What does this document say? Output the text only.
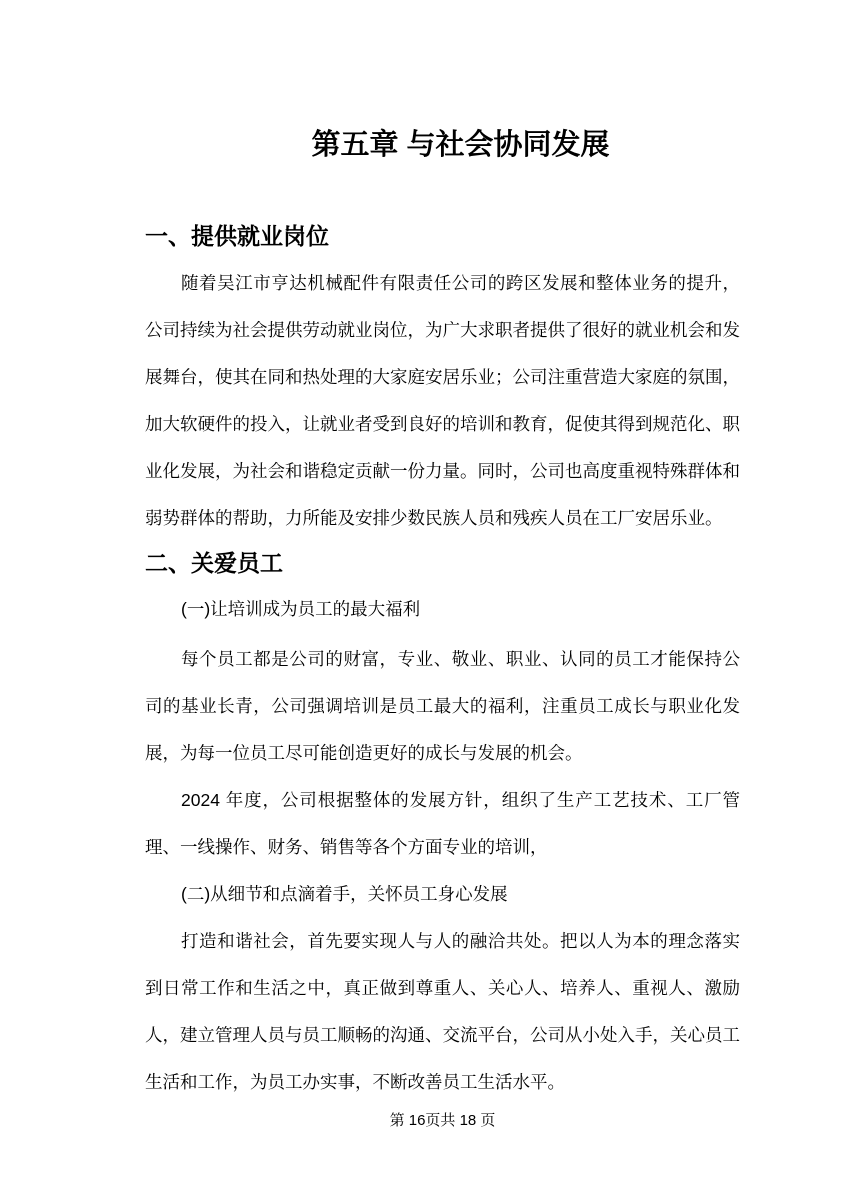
第五章 与社会协同发展
一、提供就业岗位

随着吴江市亨达机械配件有限责任公司的跨区发展和整体业务的提升，公司持续为社会提供劳动就业岗位，为广大求职者提供了很好的就业机会和发展舞台，使其在同和热处理的大家庭安居乐业；公司注重营造大家庭的氛围，加大软硬件的投入，让就业者受到良好的培训和教育，促使其得到规范化、职业化发展，为社会和谐稳定贡献一份力量。同时，公司也高度重视特殊群体和弱势群体的帮助，力所能及安排少数民族人员和残疾人员在工厂安居乐业。

二、关爱员工

(一)让培训成为员工的最大福利

每个员工都是公司的财富，专业、敬业、职业、认同的员工才能保持公司的基业长青，公司强调培训是员工最大的福利，注重员工成长与职业化发展，为每一位员工尽可能创造更好的成长与发展的机会。

2024 年度，公司根据整体的发展方针，组织了生产工艺技术、工厂管理、一线操作、财务、销售等各个方面专业的培训，

(二)从细节和点滴着手，关怀员工身心发展

打造和谐社会，首先要实现人与人的融洽共处。把以人为本的理念落实到日常工作和生活之中，真正做到尊重人、关心人、培养人、重视人、激励人，建立管理人员与员工顺畅的沟通、交流平台，公司从小处入手，关心员工生活和工作，为员工办实事，不断改善员工生活水平。

第 16页共 18 页
